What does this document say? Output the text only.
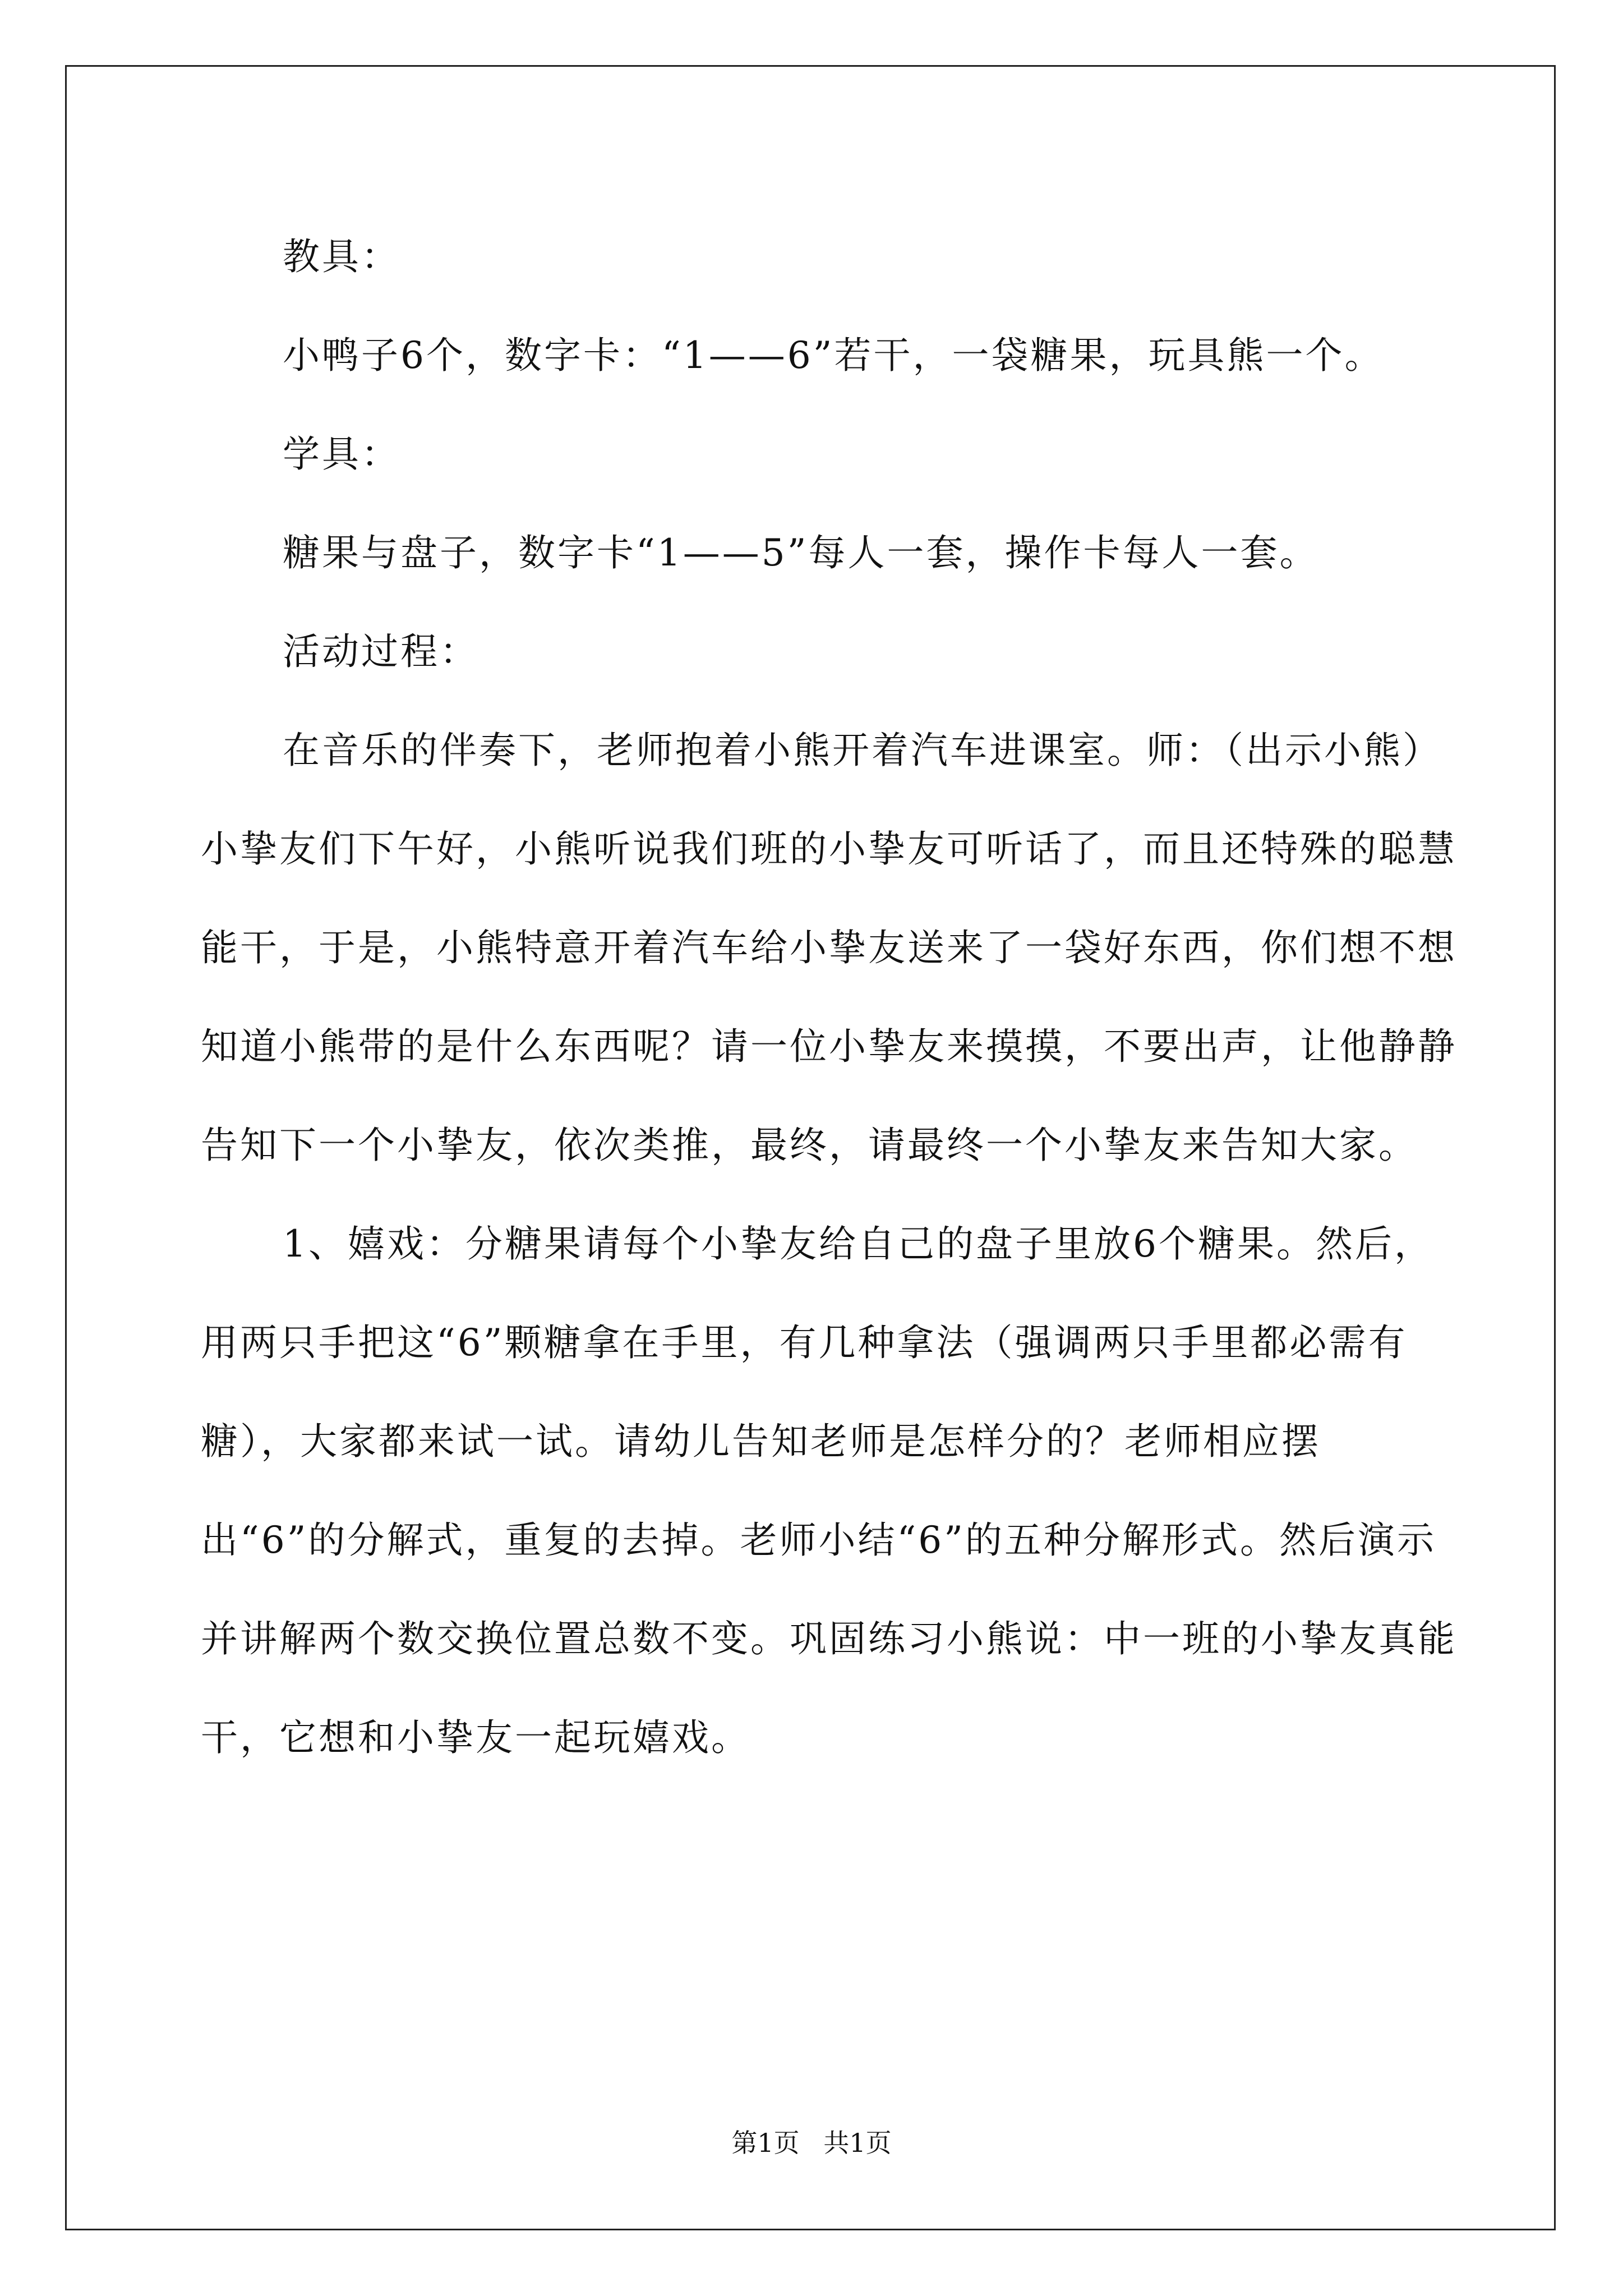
教具：

小鸭子6个，数字卡：“1——6”若干，一袋糖果，玩具熊一个。

学具：

糖果与盘子，数字卡“1——5”每人一套，操作卡每人一套。

活动过程：

在音乐的伴奏下，老师抱着小熊开着汽车进课室。师：（出示小熊）小挚友们下午好，小熊听说我们班的小挚友可听话了，而且还特殊的聪慧能干，于是，小熊特意开着汽车给小挚友送来了一袋好东西，你们想不想知道小熊带的是什么东西呢？请一位小挚友来摸摸，不要出声，让他静静告知下一个小挚友，依次类推，最终，请最终一个小挚友来告知大家。

1、嬉戏：分糖果请每个小挚友给自己的盘子里放6个糖果。然后，用两只手把这“6”颗糖拿在手里，有几种拿法（强调两只手里都必需有糖），大家都来试一试。请幼儿告知老师是怎样分的？老师相应摆出“6”的分解式，重复的去掉。老师小结“6”的五种分解形式。然后演示并讲解两个数交换位置总数不变。巩固练习小熊说：中一班的小挚友真能干，它想和小挚友一起玩嬉戏。

第1页 共1页
